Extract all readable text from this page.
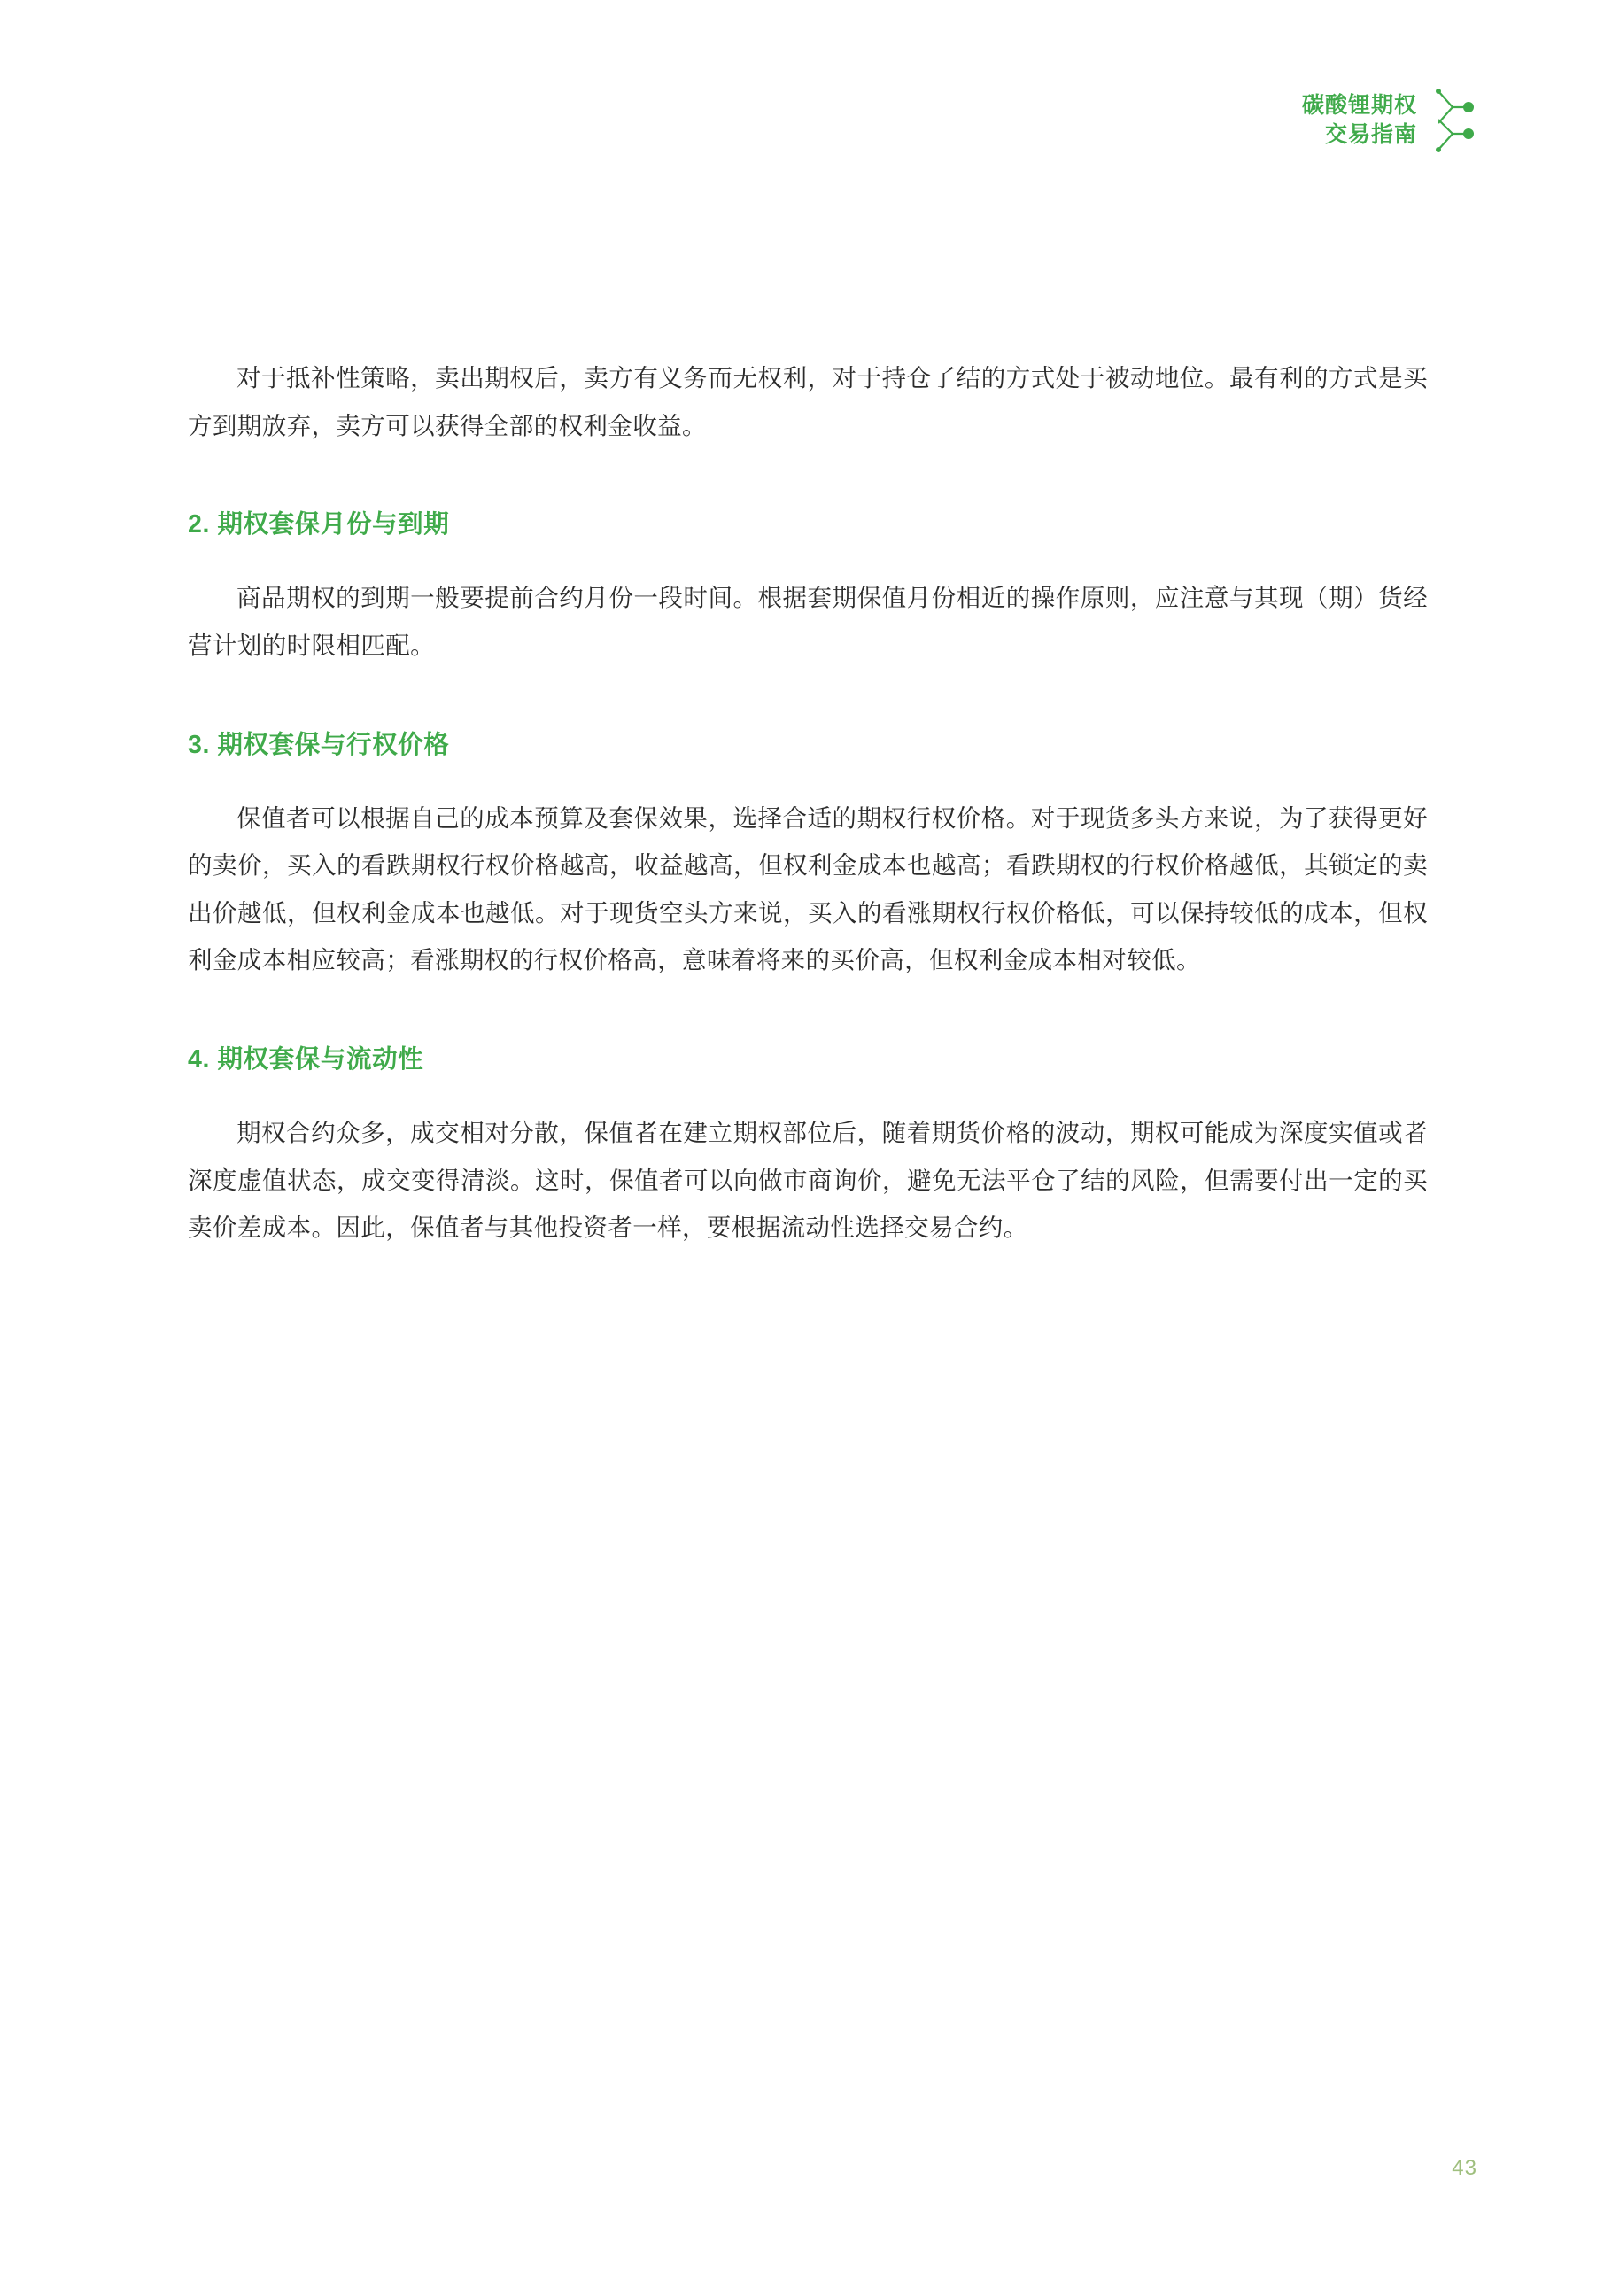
碳酸锂期权
交易指南

对于抵补性策略，卖出期权后，卖方有义务而无权利，对于持仓了结的方式处于被动地位。最有利的方式是买方到期放弃，卖方可以获得全部的权利金收益。

2. 期权套保月份与到期

商品期权的到期一般要提前合约月份一段时间。根据套期保值月份相近的操作原则，应注意与其现（期）货经营计划的时限相匹配。

3. 期权套保与行权价格

保值者可以根据自己的成本预算及套保效果，选择合适的期权行权价格。对于现货多头方来说，为了获得更好的卖价，买入的看跌期权行权价格越高，收益越高，但权利金成本也越高；看跌期权的行权价格越低，其锁定的卖出价越低，但权利金成本也越低。对于现货空头方来说，买入的看涨期权行权价格低，可以保持较低的成本，但权利金成本相应较高；看涨期权的行权价格高，意味着将来的买价高，但权利金成本相对较低。

4. 期权套保与流动性

期权合约众多，成交相对分散，保值者在建立期权部位后，随着期货价格的波动，期权可能成为深度实值或者深度虚值状态，成交变得清淡。这时，保值者可以向做市商询价，避免无法平仓了结的风险，但需要付出一定的买卖价差成本。因此，保值者与其他投资者一样，要根据流动性选择交易合约。

43
